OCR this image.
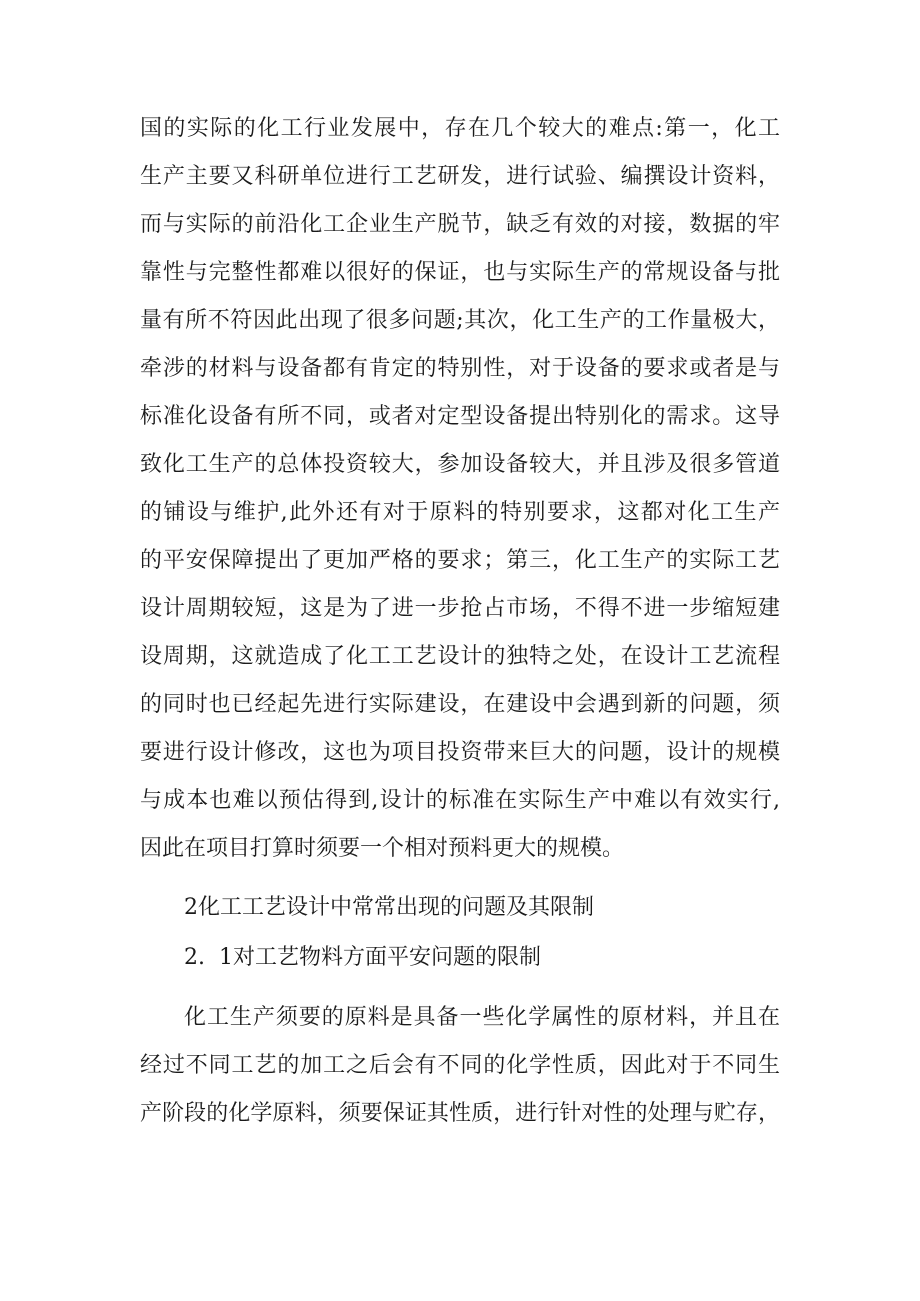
国的实际的化工行业发展中，存在几个较大的难点:第一，化工
生产主要又科研单位进行工艺研发，进行试验、编撰设计资料，
而与实际的前沿化工企业生产脱节，缺乏有效的对接，数据的牢
靠性与完整性都难以很好的保证，也与实际生产的常规设备与批
量有所不符因此出现了很多问题;其次，化工生产的工作量极大，
牵涉的材料与设备都有肯定的特别性，对于设备的要求或者是与
标准化设备有所不同，或者对定型设备提出特别化的需求。这导
致化工生产的总体投资较大，参加设备较大，并且涉及很多管道
的铺设与维护,此外还有对于原料的特别要求，这都对化工生产
的平安保障提出了更加严格的要求；第三，化工生产的实际工艺
设计周期较短，这是为了进一步抢占市场，不得不进一步缩短建
设周期，这就造成了化工工艺设计的独特之处，在设计工艺流程
的同时也已经起先进行实际建设，在建设中会遇到新的问题，须
要进行设计修改，这也为项目投资带来巨大的问题，设计的规模
与成本也难以预估得到,设计的标准在实际生产中难以有效实行,
因此在项目打算时须要一个相对预料更大的规模。
2化工工艺设计中常常出现的问题及其限制
2.  1对工艺物料方面平安问题的限制
化工生产须要的原料是具备一些化学属性的原材料，并且在
经过不同工艺的加工之后会有不同的化学性质，因此对于不同生
产阶段的化学原料，须要保证其性质，进行针对性的处理与贮存，
